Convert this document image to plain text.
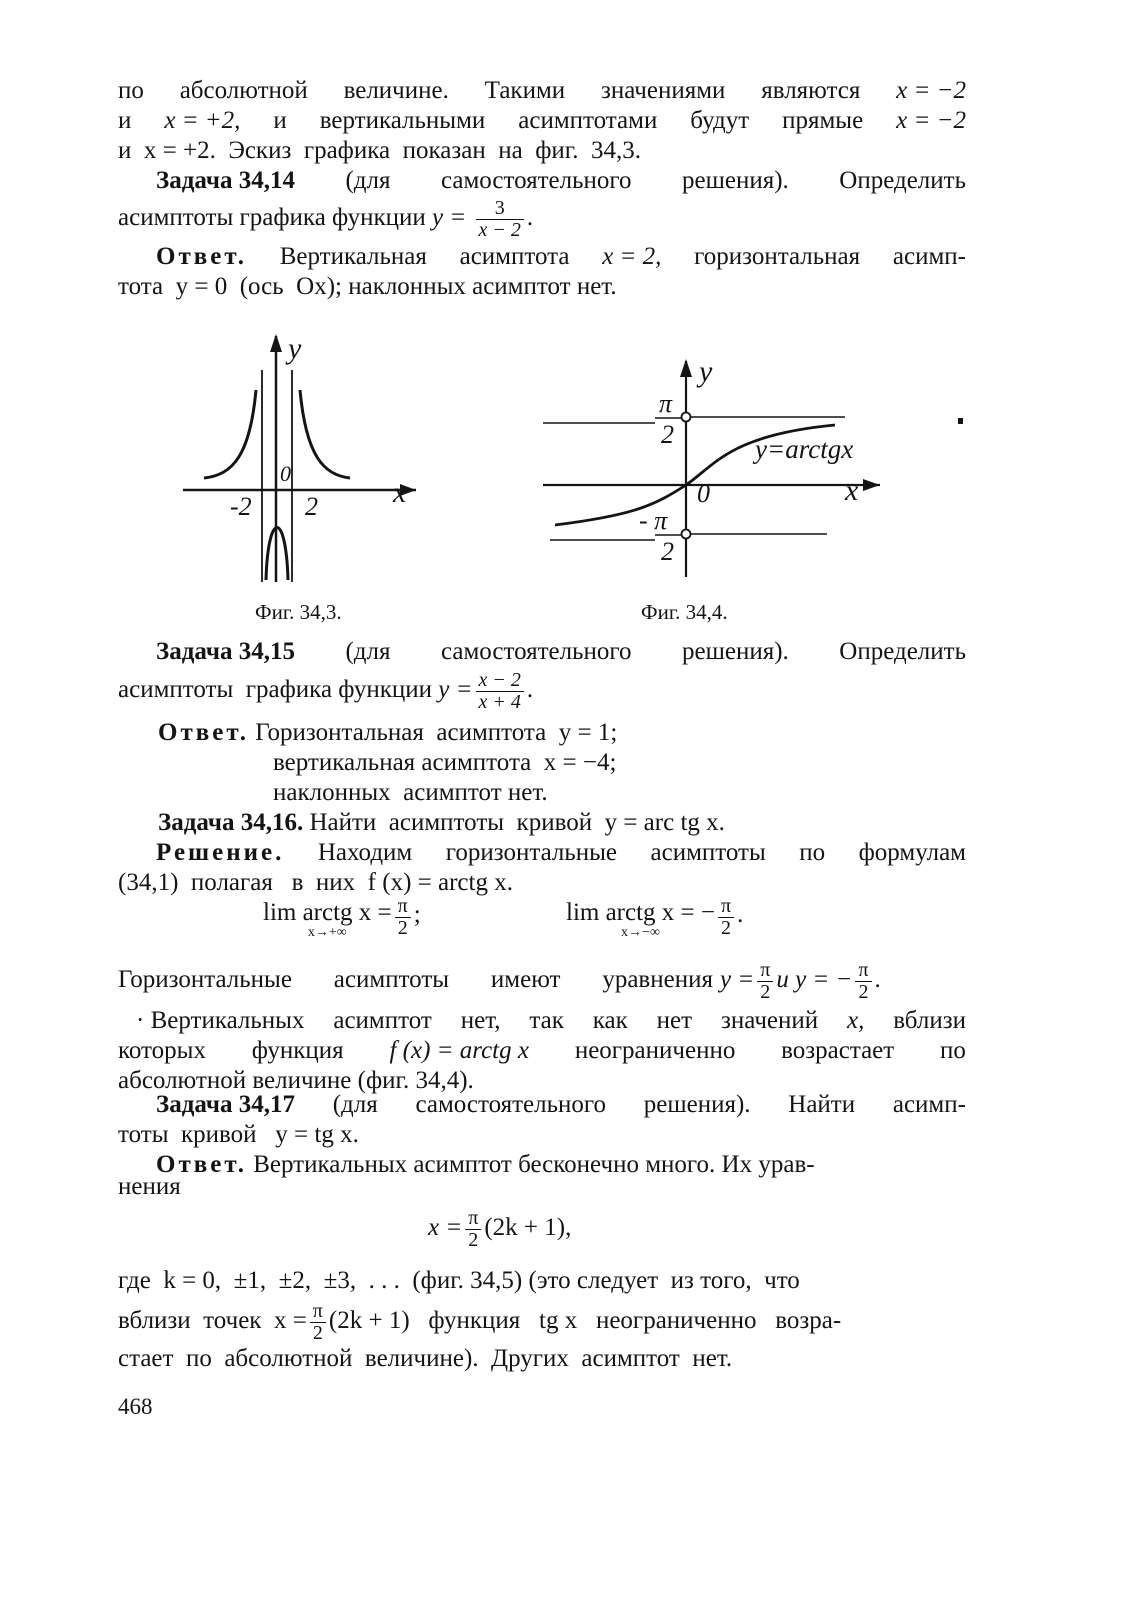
по абсолютной величине. Такими значениями являются x = −2
и x = +2, и вертикальными асимптотами будут прямые x = −2
и  x = +2.  Эскиз  графика  показан  на  фиг.  34,3.
Задача 34,14 (для самостоятельного решения). Определить
асимптоты графика функции $y = \frac{3}{x - 2}$ .
Ответ. Вертикальная асимптота x = 2, горизонтальная асимп-
тота  y = 0  (ось  Ox); наклонных асимптот нет.
y
x
0
-2 2
Фиг. 34,3.
y
x
0
π
2
- π
2
y=arctgx
Фиг. 34,4.
Задача 34,15 (для самостоятельного решения). Определить
асимптоты  графика функции $y = \frac{x - 2}{x + 4}$ .
Ответ. Горизонтальная  асимптота  y = 1;
вертикальная асимптота  x = −4;
наклонных  асимптот нет.
Задача 34,16. Найти  асимптоты  кривой  y = arc tg x.
Решение. Находим горизонтальные асимптоты по формулам
(34,1)  полагая   в  них  f (x) = arctg x.
lim arctg x =
x→+∞	$\frac{\pi}{2}$ ;	lim arctg x = −
x→−∞	$\frac{\pi}{2}$ .
Горизонтальные асимптоты имеют уравнения $y = \frac{\pi}{2}$ и y = − $\frac{\pi}{2}$ .
· Вертикальных асимптот нет, так как нет значений x, вблизи
которых функция f (x) = arctg x неограниченно возрастает по
абсолютной величине (фиг. 34,4).
Задача 34,17 (для самостоятельного решения). Найти асимп-
тоты  кривой   y = tg x.
Ответ. Вертикальных асимптот бесконечно много. Их урав-
нения
$x = \frac{\pi}{2} (2k + 1)$,
где  k = 0,  ±1,  ±2,  ±3,  . . .  (фиг. 34,5) (это следует  из того,  что
вблизи  точек  $x = \frac{\pi}{2} (2k + 1)$   функция   tg x   неограниченно   возра-
стает  по  абсолютной  величине).  Других  асимптот  нет.
468
